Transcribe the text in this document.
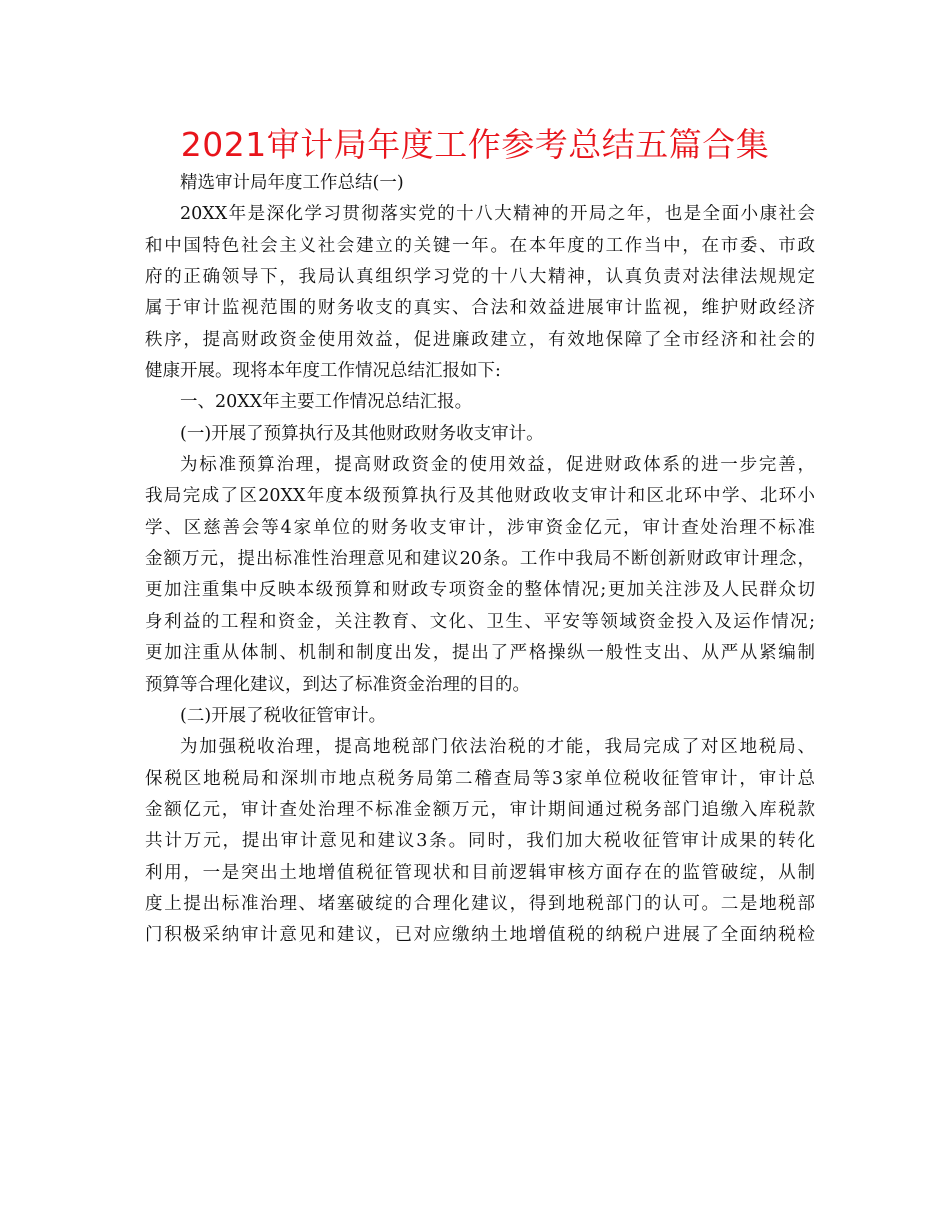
2021审计局年度工作参考总结五篇合集
精选审计局年度工作总结(一)
20XX年是深化学习贯彻落实党的十八大精神的开局之年，也是全面小康社会
和中国特色社会主义社会建立的关键一年。在本年度的工作当中，在市委、市政
府的正确领导下，我局认真组织学习党的十八大精神，认真负责对法律法规规定
属于审计监视范围的财务收支的真实、合法和效益进展审计监视，维护财政经济
秩序，提高财政资金使用效益，促进廉政建立，有效地保障了全市经济和社会的
健康开展。现将本年度工作情况总结汇报如下:
一、20XX年主要工作情况总结汇报。
(一)开展了预算执行及其他财政财务收支审计。
为标准预算治理，提高财政资金的使用效益，促进财政体系的进一步完善，
我局完成了区20XX年度本级预算执行及其他财政收支审计和区北环中学、北环小
学、区慈善会等4家单位的财务收支审计，涉审资金亿元，审计查处治理不标准
金额万元，提出标准性治理意见和建议20条。工作中我局不断创新财政审计理念，
更加注重集中反映本级预算和财政专项资金的整体情况;更加关注涉及人民群众切
身利益的工程和资金，关注教育、文化、卫生、平安等领域资金投入及运作情况;
更加注重从体制、机制和制度出发，提出了严格操纵一般性支出、从严从紧编制
预算等合理化建议，到达了标准资金治理的目的。
(二)开展了税收征管审计。
为加强税收治理，提高地税部门依法治税的才能，我局完成了对区地税局、
保税区地税局和深圳市地点税务局第二稽查局等3家单位税收征管审计，审计总
金额亿元，审计查处治理不标准金额万元，审计期间通过税务部门追缴入库税款
共计万元，提出审计意见和建议3条。同时，我们加大税收征管审计成果的转化
利用，一是突出土地增值税征管现状和目前逻辑审核方面存在的监管破绽，从制
度上提出标准治理、堵塞破绽的合理化建议，得到地税部门的认可。二是地税部
门积极采纳审计意见和建议，已对应缴纳土地增值税的纳税户进展了全面纳税检
